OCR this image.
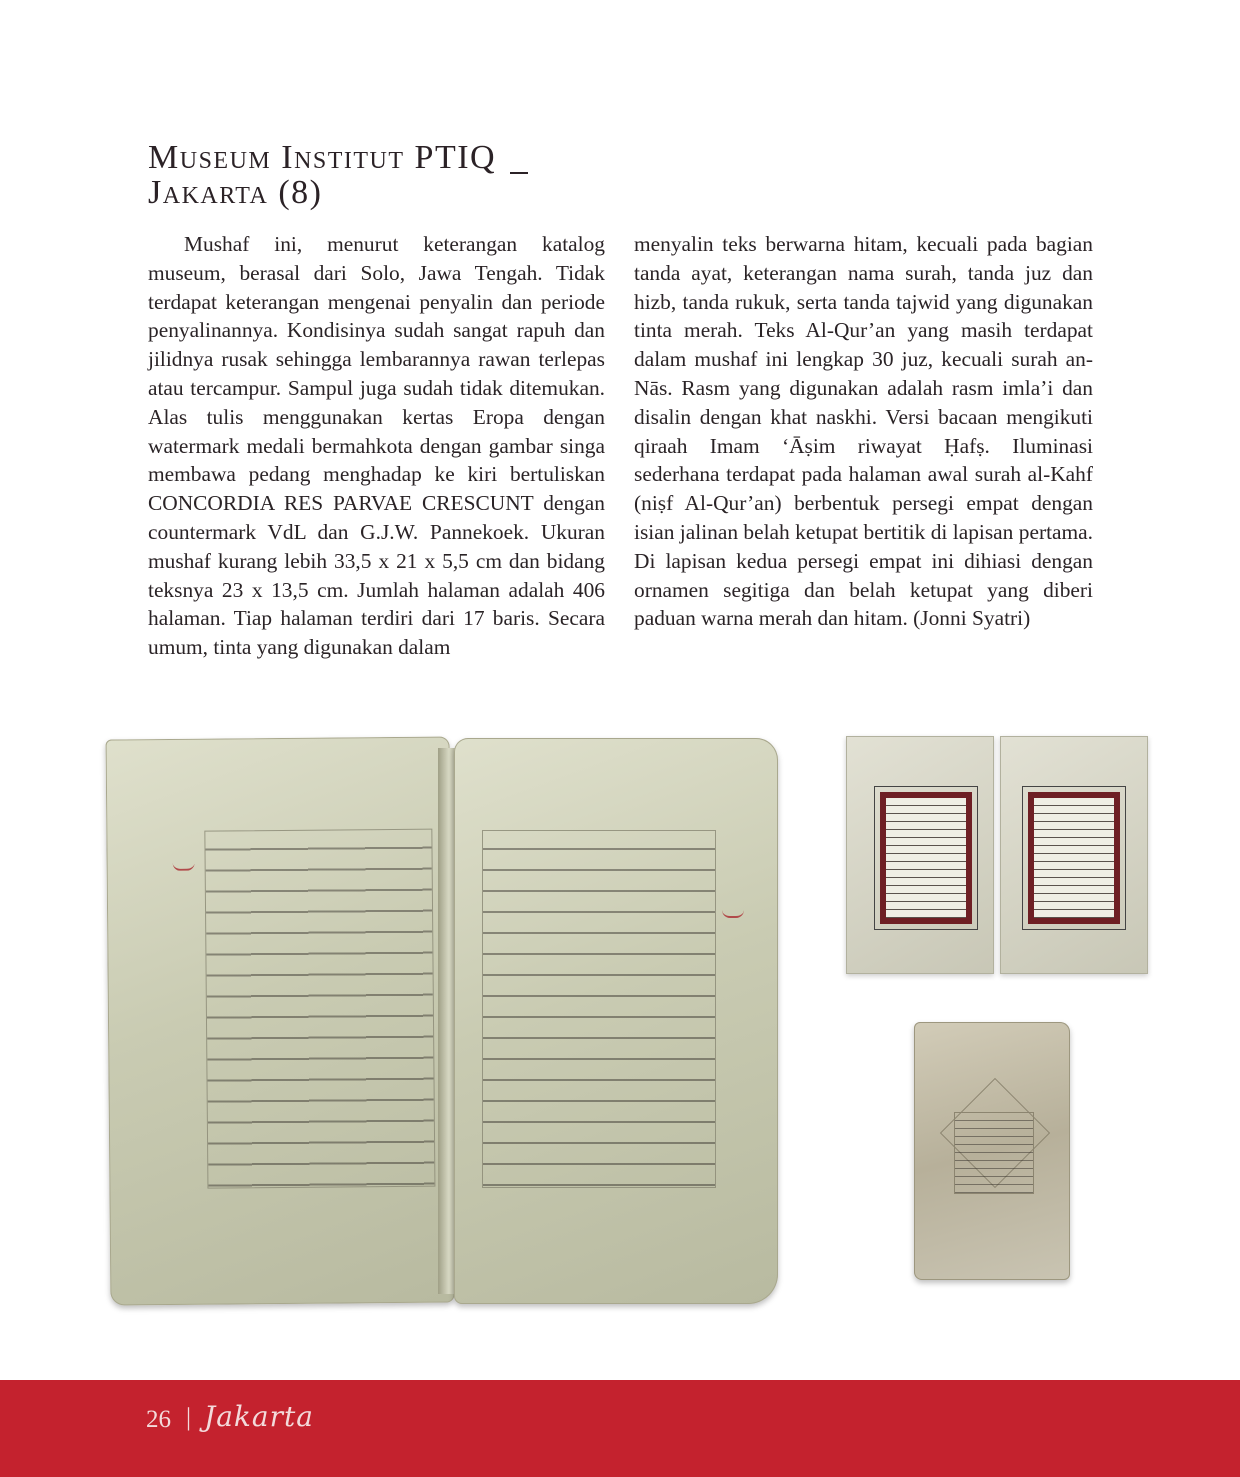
Museum Institut PTIQ
Jakarta (8)

Mushaf ini, menurut keterangan katalog museum, berasal dari Solo, Jawa Tengah. Tidak terdapat keterangan mengenai penyalin dan periode penyalinannya. Kondisinya sudah sangat rapuh dan jilidnya rusak sehingga lembarannya rawan terlepas atau tercampur. Sampul juga sudah tidak ditemukan. Alas tulis menggunakan kertas Eropa dengan watermark medali bermahkota dengan gambar singa membawa pedang menghadap ke kiri bertuliskan CONCORDIA RES PARVAE CRESCUNT dengan countermark VdL dan G.J.W. Pannekoek. Ukuran mushaf kurang lebih 33,5 x 21 x 5,5 cm dan bidang teksnya 23 x 13,5 cm. Jumlah halaman adalah 406 halaman. Tiap halaman terdiri dari 17 baris. Secara umum, tinta yang digunakan dalam

menyalin teks berwarna hitam, kecuali pada bagian tanda ayat, keterangan nama surah, tanda juz dan hizb, tanda rukuk, serta tanda tajwid yang digunakan tinta merah. Teks Al-Qur’an yang masih terdapat dalam mushaf ini lengkap 30 juz, kecuali surah an-Nās. Rasm yang digunakan adalah rasm imla’i dan disalin dengan khat naskhi. Versi bacaan mengikuti qiraah Imam ‘Āṣim riwayat Ḥafṣ. Iluminasi sederhana terdapat pada halaman awal surah al-Kahf (niṣf Al-Qur’an) berbentuk persegi empat dengan isian jalinan belah ketupat bertitik di lapisan pertama. Di lapisan kedua persegi empat ini dihiasi dengan ornamen segitiga dan belah ketupat yang diberi paduan warna merah dan hitam. (Jonni Syatri)

26 | Jakarta
